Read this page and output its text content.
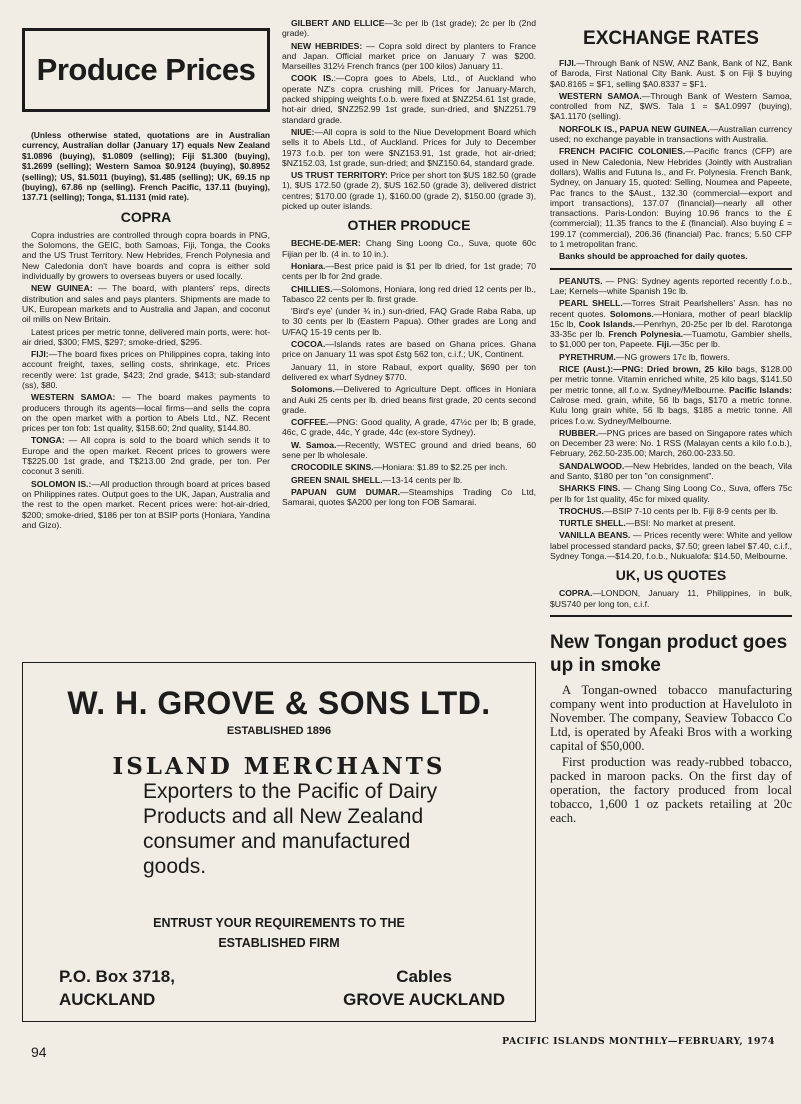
Produce Prices

(Unless otherwise stated, quotations are in Australian currency, Australian dollar (January 17) equals New Zealand $1.0896 (buying), $1.0809 (selling); Fiji $1.300 (buying), $1.2699 (selling); Western Samoa $0.9124 (buying), $0.8952 (selling); US, $1.5011 (buying), $1.485 (selling); UK, 69.15 np (buying), 67.86 np (selling). French Pacific, 137.11 (buying), 137.71 (selling); Tonga, $1.1131 (mid rate).

COPRA

Copra industries are controlled through copra boards in PNG, the Solomons, the GEIC, both Samoas, Fiji, Tonga, the Cooks and the US Trust Territory. New Hebrides, French Polynesia and New Caledonia don't have boards and copra is either sold individually by growers to overseas buyers or used locally.

NEW GUINEA: — The board, with planters' reps, directs distribution and sales and pays planters. Shipments are made to UK, European markets and to Australia and Japan, and coconut oil mills on New Britain.

Latest prices per metric tonne, delivered main ports, were: hot-air dried, $300; FMS, $297; smoke-dried, $295.

FIJI:—The board fixes prices on Philippines copra, taking into account freight, taxes, selling costs, shrinkage, etc. Prices recently were: 1st grade, $423; 2nd grade, $413; sub-standard (ss), $80.

WESTERN SAMOA: — The board makes payments to producers through its agents—local firms—and sells the copra on the open market with a portion to Abels Ltd., NZ. Recent prices per ton fob: 1st quality, $158.60; 2nd quality, $144.80.

TONGA: — All copra is sold to the board which sends it to Europe and the open market. Recent prices to growers were T$225.00 1st grade, and T$213.00 2nd grade, per ton. Per coconut 3 seniti.

SOLOMON IS.:—All production through board at prices based on Philippines rates. Output goes to the UK, Japan, Australia and the rest to the open market. Recent prices were: hot-air-dried, $200; smoke-dried, $186 per ton at BSIP ports (Honiara, Yandina and Gizo).

GILBERT AND ELLICE—3c per lb (1st grade); 2c per lb (2nd grade).

NEW HEBRIDES: — Copra sold direct by planters to France and Japan. Official market price on January 7 was $200. Marseilles 312½ French francs (per 100 kilos) January 11.

COOK IS.:—Copra goes to Abels, Ltd., of Auckland who operate NZ's copra crushing mill. Prices for January-March, packed shipping weights f.o.b. were fixed at $NZ254.61 1st grade, hot-air dried, $NZ252.99 1st grade, sun-dried, and $NZ251.79 standard grade.

NIUE:—All copra is sold to the Niue Development Board which sells it to Abels Ltd., of Auckland. Prices for July to December 1973 f.o.b. per ton were $NZ153.91, 1st grade, hot air-dried; $NZ152.03, 1st grade, sun-dried; and $NZ150.64, standard grade.

US TRUST TERRITORY: Price per short ton $US 182.50 (grade 1), $US 172.50 (grade 2), $US 162.50 (grade 3), delivered district centres; $170.00 (grade 1), $160.00 (grade 2), $150.00 (grade 3), picked up outer islands.

OTHER PRODUCE

BECHE-DE-MER: Chang Sing Loong Co., Suva, quote 60c Fijian per lb. (4 in. to 10 in.).

Honiara.—Best price paid is $1 per lb dried, for 1st grade; 70 cents per lb for 2nd grade.

CHILLIES.—Solomons, Honiara, long red dried 12 cents per lb., Tabasco 22 cents per lb. first grade.

'Bird's eye' (under ¾ in.) sun-dried, FAQ Grade Raba Raba, up to 30 cents per lb (Eastern Papua). Other grades are Long and U/FAQ 15-19 cents per lb.

COCOA.—Islands rates are based on Ghana prices. Ghana price on January 11 was spot £stg 562 ton, c.i.f.; UK, Continent.

January 11, in store Rabaul, export quality, $690 per ton delivered ex wharf Sydney $770.

Solomons.—Delivered to Agriculture Dept. offices in Honiara and Auki 25 cents per lb. dried beans first grade, 20 cents second grade.

COFFEE.—PNG: Good quality, A grade, 47½c per lb; B grade, 46c, C grade, 44c, Y grade, 44c (ex-store Sydney).

W. Samoa.—Recently, WSTEC ground and dried beans, 60 sene per lb wholesale.

CROCODILE SKINS.—Honiara: $1.89 to $2.25 per inch.

GREEN SNAIL SHELL.—13-14 cents per lb.

PAPUAN GUM DUMAR.—Steamships Trading Co Ltd, Samarai, quotes $A200 per long ton FOB Samarai.

EXCHANGE RATES

FIJI.—Through Bank of NSW, ANZ Bank, Bank of NZ, Bank of Baroda, First National City Bank. Aust. $ on Fiji $ buying $A0.8165 = $F1, selling $A0.8337 = $F1.

WESTERN SAMOA.—Through Bank of Western Samoa, controlled from NZ, $WS. Tala 1 = $A1.0997 (buying), $A1.1170 (selling).

NORFOLK IS., PAPUA NEW GUINEA.—Australian currency used; no exchange payable in transactions with Australia.

FRENCH PACIFIC COLONIES.—Pacific francs (CFP) are used in New Caledonia, New Hebrides (Jointly with Australian dollars), Wallis and Futuna Is., and Fr. Polynesia. French Bank, Sydney, on January 15, quoted: Selling, Noumea and Papeete, Pac francs to the $Aust., 132.30 (commercial—export and import transactions), 137.07 (financial)—nearly all other transactions. Paris-London: Buying 10.96 francs to the £ (commercial); 11.35 francs to the £ (financial). Also buying £ = 199.17 (commercial), 206.36 (financial) Pac. francs; 5.50 CFP to 1 metropolitan franc.

Banks should be approached for daily quotes.

PEANUTS. — PNG: Sydney agents reported recently f.o.b., Lae; Kernels—white Spanish 19c lb.

PEARL SHELL.—Torres Strait Pearlshellers' Assn. has no recent quotes. Solomons.—Honiara, mother of pearl blacklip 15c lb, Cook Islands.—Penrhyn, 20-25c per lb del. Rarotonga 33-35c per lb. French Polynesia.—Tuamotu, Gambier shells, to $1,000 per ton, Papeete. Fiji.—35c per lb.

PYRETHRUM.—NG growers 17c lb, flowers.

RICE (Aust.):—PNG: Dried brown, 25 kilo bags, $128.00 per metric tonne. Vitamin enriched white, 25 kilo bags, $141.50 per metric tonne, all f.o.w. Sydney/Melbourne. Pacific Islands: Calrose med. grain, white, 56 lb bags, $170 a metric tonne. Kulu long grain white, 56 lb bags, $185 a metric tonne. All prices f.o.w. Sydney/Melbourne.

RUBBER.—PNG prices are based on Singapore rates which on December 23 were: No. 1 RSS (Malayan cents a kilo f.o.b.), February, 262.50-235.00; March, 260.00-233.50.

SANDALWOOD.—New Hebrides, landed on the beach, Vila and Santo, $180 per ton "on consignment".

SHARKS FINS. — Chang Sing Loong Co., Suva, offers 75c per lb for 1st quality, 45c for mixed quality.

TROCHUS.—BSIP 7-10 cents per lb. Fiji 8-9 cents per lb.

TURTLE SHELL.—BSI: No market at present.

VANILLA BEANS. — Prices recently were: White and yellow label processed standard packs, $7.50; green label $7.40, c.i.f., Sydney Tonga.—$14.20, f.o.b., Nukualofa: $14.50, Melbourne.

UK, US QUOTES

COPRA.—LONDON, January 11, Philippines, in bulk, $US740 per long ton, c.i.f.

New Tongan product goes up in smoke

A Tongan-owned tobacco manufacturing company went into production at Haveluloto in November. The company, Seaview Tobacco Co Ltd, is operated by Afeaki Bros with a working capital of $50,000.

First production was ready-rubbed tobacco, packed in maroon packs. On the first day of operation, the factory produced from local tobacco, 1,600 1 oz packets retailing at 20c each.

W. H. GROVE & SONS LTD.
ESTABLISHED 1896
ISLAND MERCHANTS
Exporters to the Pacific of Dairy Products and all New Zealand consumer and manufactured goods.
ENTRUST YOUR REQUIREMENTS TO THE
ESTABLISHED FIRM
P.O. Box 3718,
AUCKLAND
Cables
GROVE AUCKLAND
94
PACIFIC ISLANDS MONTHLY—FEBRUARY, 1974
